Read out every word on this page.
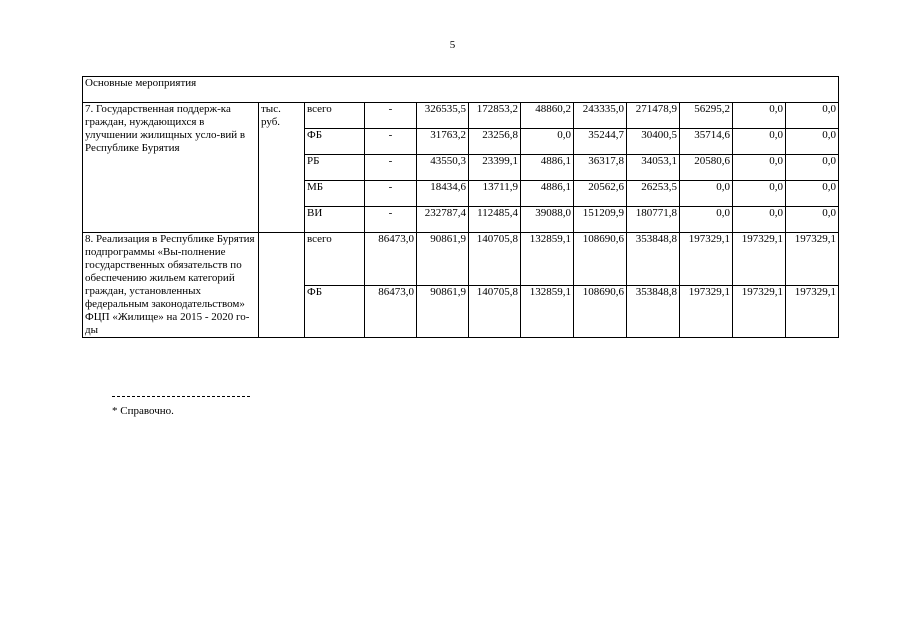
5
Основные мероприятия											
7. Государственная поддерж-ка граждан, нуждающихся в улучшении жилищных усло-вий в Республике Бурятия	тыс. руб.	всего	-	326535,5	172853,2	48860,2	243335,0	271478,9	56295,2	0,0	0,0
		ФБ	-	31763,2	23256,8	0,0	35244,7	30400,5	35714,6	0,0	0,0
		РБ	-	43550,3	23399,1	4886,1	36317,8	34053,1	20580,6	0,0	0,0
		МБ	-	18434,6	13711,9	4886,1	20562,6	26253,5	0,0	0,0	0,0
		ВИ	-	232787,4	112485,4	39088,0	151209,9	180771,8	0,0	0,0	0,0
8. Реализация в Республике Бурятия подпрограммы «Вы-полнение государственных обязательств по обеспечению жильем категорий граждан, установленных федеральным законодательством» ФЦП «Жилище» на 2015 - 2020 го-ды		всего	86473,0	90861,9	140705,8	132859,1	108690,6	353848,8	197329,1	197329,1	197329,1
		ФБ	86473,0	90861,9	140705,8	132859,1	108690,6	353848,8	197329,1	197329,1	197329,1
* Справочно.
